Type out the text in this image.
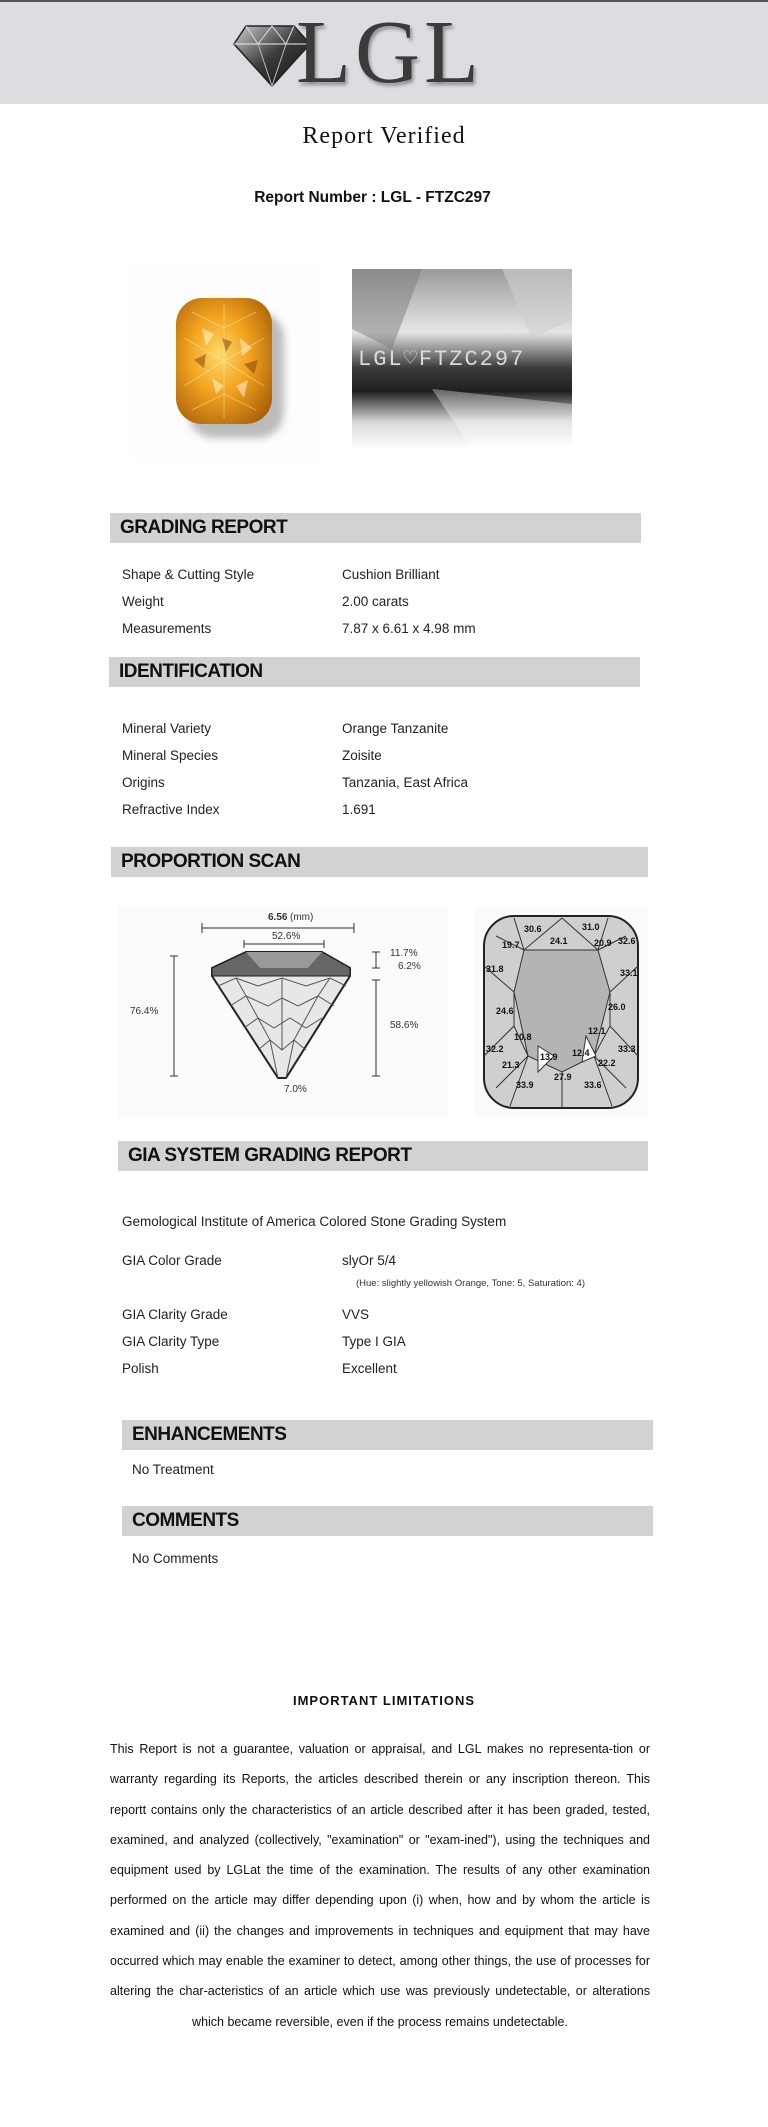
LGL
Report Verified
Report Number : LGL - FTZC297
LGL♡FTZC297
GRADING REPORT
Shape & Cutting Style	Cushion Brilliant
Weight	2.00 carats
Measurements	7.87 x 6.61 x 4.98 mm
IDENTIFICATION
Mineral Variety	Orange Tanzanite
Mineral Species	Zoisite
Origins	Tanzania, East Africa
Refractive Index	1.691
PROPORTION SCAN
6.56 (mm)
52.6%
11.7%
6.2%
58.6%
76.4%
7.0%
30.6	31.0
19.7	24.1	20.9 32.6
31.8	33.1
24.6	26.0
12.1
10.8
32.2	33.3
21.3
13.9 12.4
22.2
27.9
33.9	33.6
GIA SYSTEM GRADING REPORT
Gemological Institute of America Colored Stone Grading System
GIA Color Grade	slyOr 5/4
(Hue: slightly yellowish Orange, Tone: 5, Saturation: 4)
GIA Clarity Grade	VVS
GIA Clarity Type	Type I GIA
Polish	Excellent
ENHANCEMENTS
No Treatment
COMMENTS
No Comments
IMPORTANT LIMITATIONS
This Report is not a guarantee, valuation or appraisal, and LGL makes no representa-tion or warranty regarding its Reports, the articles described therein or any inscription thereon. This reportt contains only the characteristics of an article described after it has been graded, tested, examined, and analyzed (collectively, "examination" or "exam-ined"), using the techniques and equipment used by LGLat the time of the examination. The results of any other examination performed on the article may differ depending upon (i) when, how and by whom the article is examined and (ii) the changes and improvements in techniques and equipment that may have occurred which may enable the examiner to detect, among other things, the use of processes for altering the char-acteristics of an article which use was previously undetectable, or alterations which became reversible, even if the process remains undetectable.
